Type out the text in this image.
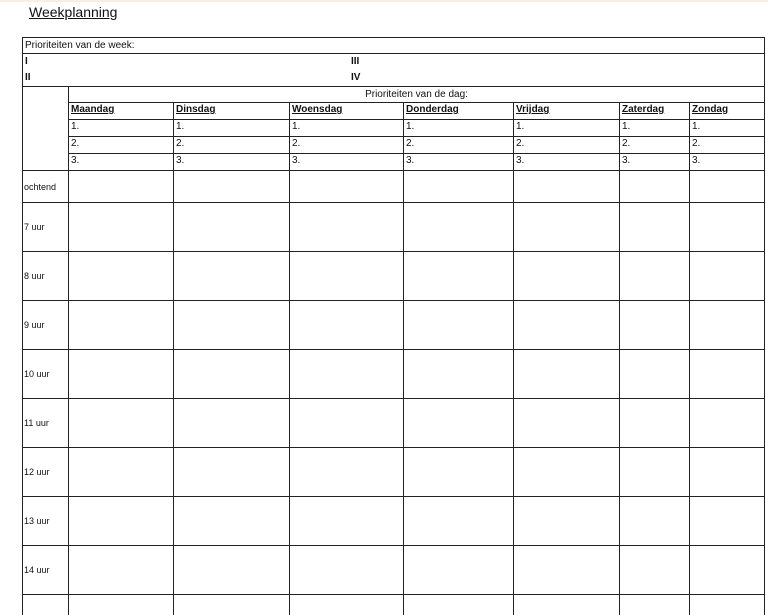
Weekplanning
Prioriteiten van de week:
I	III
II	IV
Prioriteiten van de dag:
Maandag	Dinsdag	Woensdag	Donderdag	Vrijdag	Zaterdag	Zondag
1.	1.	1.	1.	1.	1.	1.
2.	2.	2.	2.	2.	2.	2.
3.	3.	3.	3.	3.	3.	3.
ochtend
7 uur
8 uur
9 uur
10 uur
11 uur
12 uur
13 uur
14 uur
